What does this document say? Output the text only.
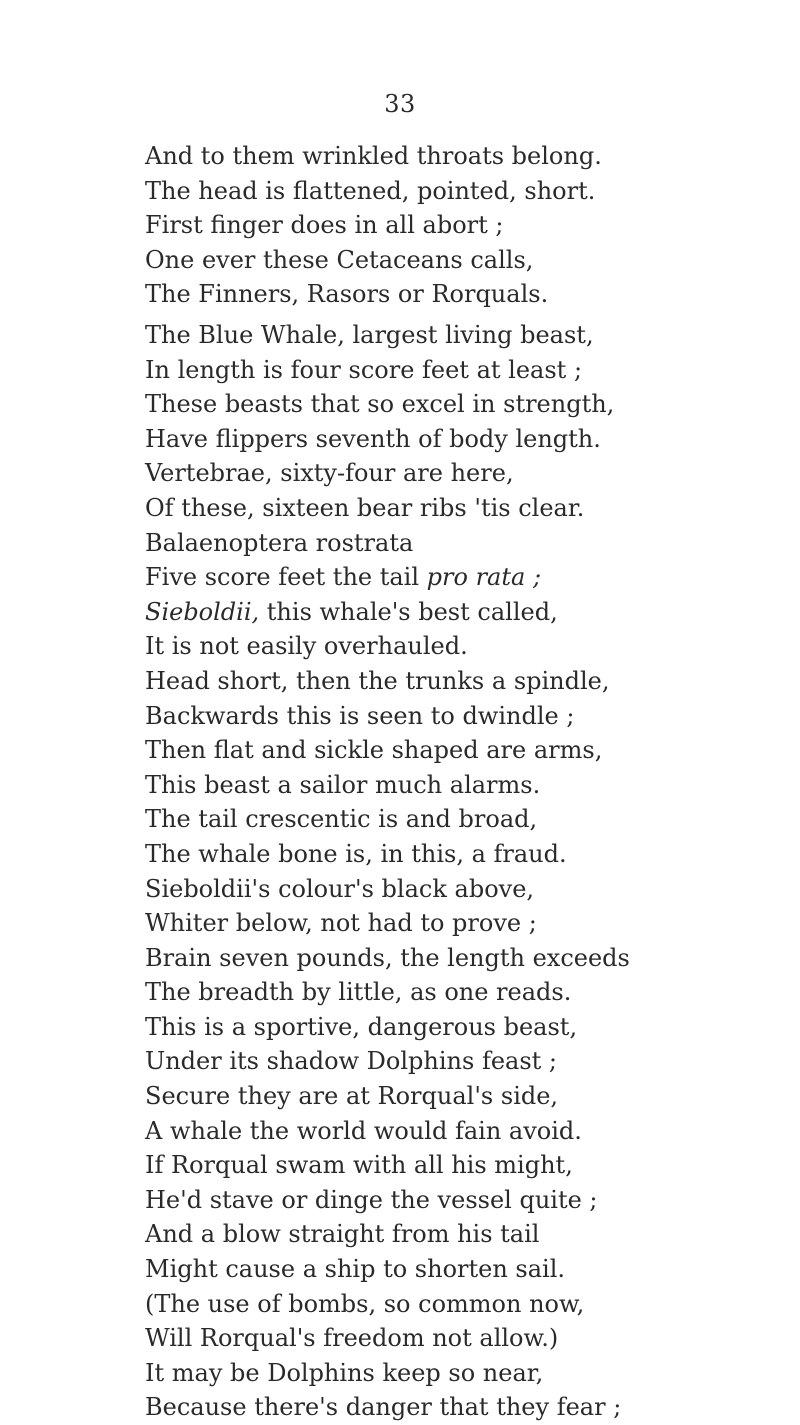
33
And to them wrinkled throats belong.
The head is flattened, pointed, short.
First finger does in all abort ;
One ever these Cetaceans calls,
The Finners, Rasors or Rorquals.
The Blue Whale, largest living beast,
In length is four score feet at least ;
These beasts that so excel in strength,
Have flippers seventh of body length.
Vertebrae, sixty-four are here,
Of these, sixteen bear ribs 'tis clear.
Balaenoptera rostrata
Five score feet the tail pro rata ;
Sieboldii, this whale's best called,
It is not easily overhauled.
Head short, then the trunks a spindle,
Backwards this is seen to dwindle ;
Then flat and sickle shaped are arms,
This beast a sailor much alarms.
The tail crescentic is and broad,
The whale bone is, in this, a fraud.
Sieboldii's colour's black above,
Whiter below, not had to prove ;
Brain seven pounds, the length exceeds
The breadth by little, as one reads.
This is a sportive, dangerous beast,
Under its shadow Dolphins feast ;
Secure they are at Rorqual's side,
A whale the world would fain avoid.
If Rorqual swam with all his might,
He'd stave or dinge the vessel quite ;
And a blow straight from his tail
Might cause a ship to shorten sail.
(The use of bombs, so common now,
Will Rorqual's freedom not allow.)
It may be Dolphins keep so near,
Because there's danger that they fear ;
